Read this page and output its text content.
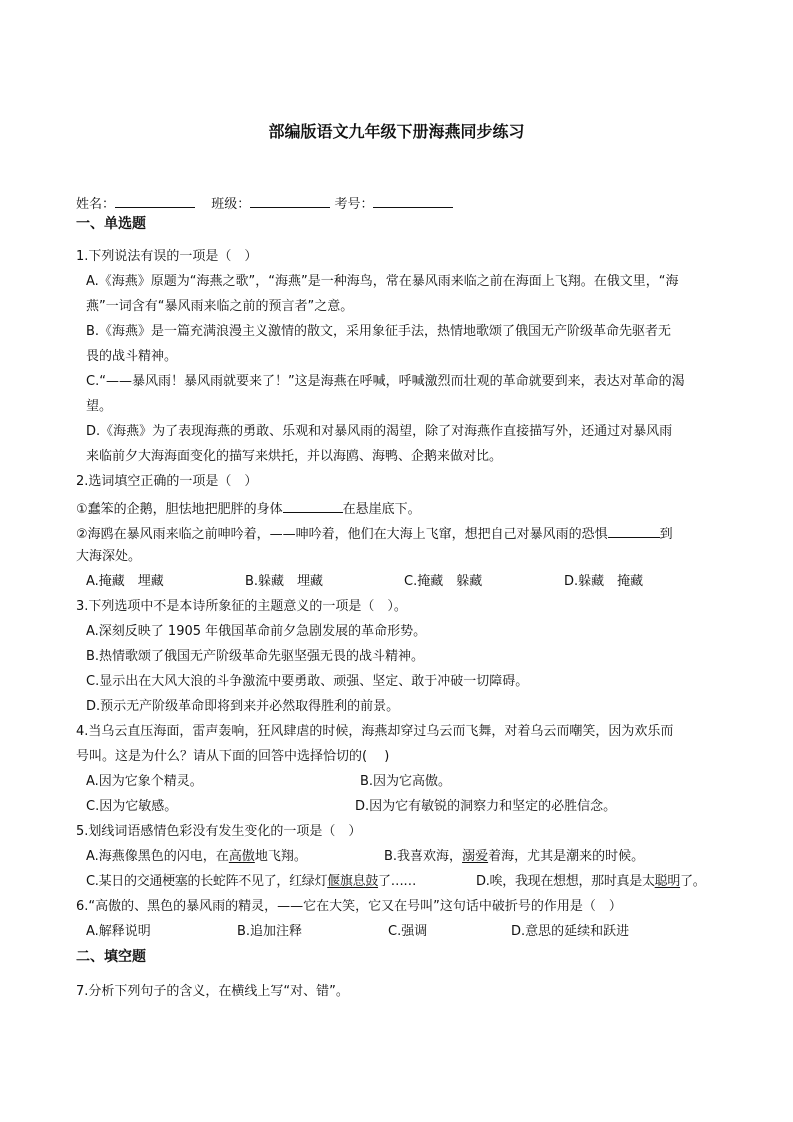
部编版语文九年级下册海燕同步练习
姓名：	班级：	考号：
一、单选题
1.下列说法有误的一项是（　）
A.《海燕》原题为“海燕之歌”，“海燕”是一种海鸟，常在暴风雨来临之前在海面上飞翔。在俄文里，“海
燕”一词含有“暴风雨来临之前的预言者”之意。
B.《海燕》是一篇充满浪漫主义激情的散文，采用象征手法，热情地歌颂了俄国无产阶级革命先驱者无
畏的战斗精神。
C.“——暴风雨！暴风雨就要来了！”这是海燕在呼喊，呼喊激烈而壮观的革命就要到来，表达对革命的渴
望。
D.《海燕》为了表现海燕的勇敢、乐观和对暴风雨的渴望，除了对海燕作直接描写外，还通过对暴风雨
来临前夕大海海面变化的描写来烘托，并以海鸥、海鸭、企鹅来做对比。
2.选词填空正确的一项是（　）
①蠢笨的企鹅，胆怯地把肥胖的身体	在悬崖底下。
②海鸥在暴风雨来临之前呻吟着，——呻吟着，他们在大海上飞窜，想把自己对暴风雨的恐惧	到
大海深处。
A.掩藏　埋藏	B.躲藏　埋藏	C.掩藏　躲藏	D.躲藏　掩藏
3.下列选项中不是本诗所象征的主题意义的一项是（　）。
A.深刻反映了 1905 年俄国革命前夕急剧发展的革命形势。
B.热情歌颂了俄国无产阶级革命先驱坚强无畏的战斗精神。
C.显示出在大风大浪的斗争激流中要勇敢、顽强、坚定、敢于冲破一切障碍。
D.预示无产阶级革命即将到来并必然取得胜利的前景。
4.当乌云直压海面，雷声轰响，狂风肆虐的时候，海燕却穿过乌云而飞舞，对着乌云而嘲笑，因为欢乐而
号叫。这是为什么？请从下面的回答中选择恰切的(　 )
A.因为它象个精灵。	B.因为它高傲。
C.因为它敏感。	D.因为它有敏锐的洞察力和坚定的必胜信念。
5.划线词语感情色彩没有发生变化的一项是（　）
A.海燕像黑色的闪电，在高傲地飞翔。	B.我喜欢海，溺爱着海，尤其是潮来的时候。
C.某日的交通梗塞的长蛇阵不见了，红绿灯偃旗息鼓了……	D.唉，我现在想想，那时真是太聪明了。
6.“高傲的、黑色的暴风雨的精灵，——它在大笑，它又在号叫”这句话中破折号的作用是（　）
A.解释说明	B.追加注释	C.强调	D.意思的延续和跃进
二、填空题
7.分析下列句子的含义，在横线上写“对、错”。
